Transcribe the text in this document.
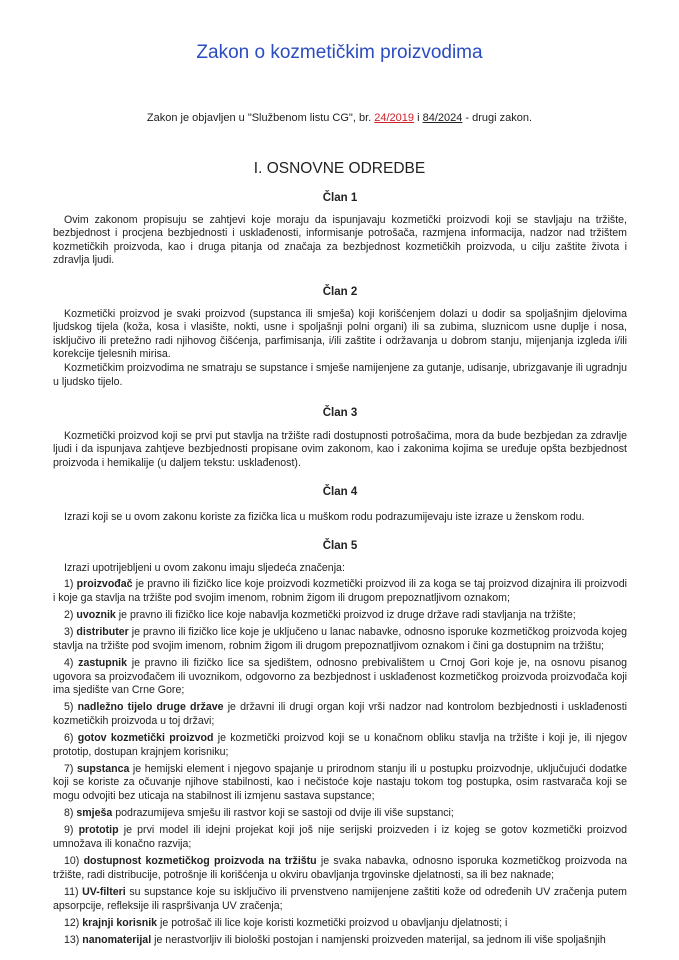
Zakon o kozmetičkim proizvodima
Zakon je objavljen u "Službenom listu CG", br. 24/2019 i 84/2024 - drugi zakon.
I. OSNOVNE ODREDBE
Član 1

Ovim zakonom propisuju se zahtjevi koje moraju da ispunjavaju kozmetički proizvodi koji se stavljaju na tržište, bezbjednost i procjena bezbjednosti i usklađenosti, informisanje potrošača, razmjena informacija, nadzor nad tržištem kozmetičkih proizvoda, kao i druga pitanja od značaja za bezbjednost kozmetičkih proizvoda, u cilju zaštite života i zdravlja ljudi.

Član 2

Kozmetički proizvod je svaki proizvod (supstanca ili smješa) koji korišćenjem dolazi u dodir sa spoljašnjim djelovima ljudskog tijela (koža, kosa i vlasište, nokti, usne i spoljašnji polni organi) ili sa zubima, sluznicom usne duplje i nosa, isključivo ili pretežno radi njihovog čišćenja, parfimisanja, i/ili zaštite i održavanja u dobrom stanju, mijenjanja izgleda i/ili korekcije tjelesnih mirisa.

Kozmetičkim proizvodima ne smatraju se supstance i smješe namijenjene za gutanje, udisanje, ubrizgavanje ili ugradnju u ljudsko tijelo.

Član 3

Kozmetički proizvod koji se prvi put stavlja na tržište radi dostupnosti potrošačima, mora da bude bezbjedan za zdravlje ljudi i da ispunjava zahtjeve bezbjednosti propisane ovim zakonom, kao i zakonima kojima se uređuje opšta bezbjednost proizvoda i hemikalije (u daljem tekstu: usklađenost).

Član 4

Izrazi koji se u ovom zakonu koriste za fizička lica u muškom rodu podrazumijevaju iste izraze u ženskom rodu.

Član 5

Izrazi upotrijebljeni u ovom zakonu imaju sljedeća značenja:

1) proizvođač je pravno ili fizičko lice koje proizvodi kozmetički proizvod ili za koga se taj proizvod dizajnira ili proizvodi i koje ga stavlja na tržište pod svojim imenom, robnim žigom ili drugom prepoznatljivom oznakom;

2) uvoznik je pravno ili fizičko lice koje nabavlja kozmetički proizvod iz druge države radi stavljanja na tržište;

3) distributer je pravno ili fizičko lice koje je uključeno u lanac nabavke, odnosno isporuke kozmetičkog proizvoda kojeg stavlja na tržište pod svojim imenom, robnim žigom ili drugom prepoznatljivom oznakom i čini ga dostupnim na tržištu;

4) zastupnik je pravno ili fizičko lice sa sjedištem, odnosno prebivalištem u Crnoj Gori koje je, na osnovu pisanog ugovora sa proizvođačem ili uvoznikom, odgovorno za bezbjednost i usklađenost kozmetičkog proizvoda proizvođača koji ima sjedište van Crne Gore;

5) nadležno tijelo druge države je državni ili drugi organ koji vrši nadzor nad kontrolom bezbjednosti i usklađenosti kozmetičkih proizvoda u toj državi;

6) gotov kozmetički proizvod je kozmetički proizvod koji se u konačnom obliku stavlja na tržište i koji je, ili njegov prototip, dostupan krajnjem korisniku;

7) supstanca je hemijski element i njegovo spajanje u prirodnom stanju ili u postupku proizvodnje, uključujući dodatke koji se koriste za očuvanje njihove stabilnosti, kao i nečistoće koje nastaju tokom tog postupka, osim rastvarača koji se mogu odvojiti bez uticaja na stabilnost ili izmjenu sastava supstance;

8) smješa podrazumijeva smješu ili rastvor koji se sastoji od dvije ili više supstanci;

9) prototip je prvi model ili idejni projekat koji još nije serijski proizveden i iz kojeg se gotov kozmetički proizvod umnožava ili konačno razvija;

10) dostupnost kozmetičkog proizvoda na tržištu je svaka nabavka, odnosno isporuka kozmetičkog proizvoda na tržište, radi distribucije, potrošnje ili korišćenja u okviru obavljanja trgovinske djelatnosti, sa ili bez naknade;

11) UV-filteri su supstance koje su isključivo ili prvenstveno namijenjene zaštiti kože od određenih UV zračenja putem apsorpcije, refleksije ili raspršivanja UV zračenja;

12) krajnji korisnik je potrošač ili lice koje koristi kozmetički proizvod u obavljanju djelatnosti; i

13) nanomaterijal je nerastvorljiv ili biološki postojan i namjenski proizveden materijal, sa jednom ili više spoljašnjih
